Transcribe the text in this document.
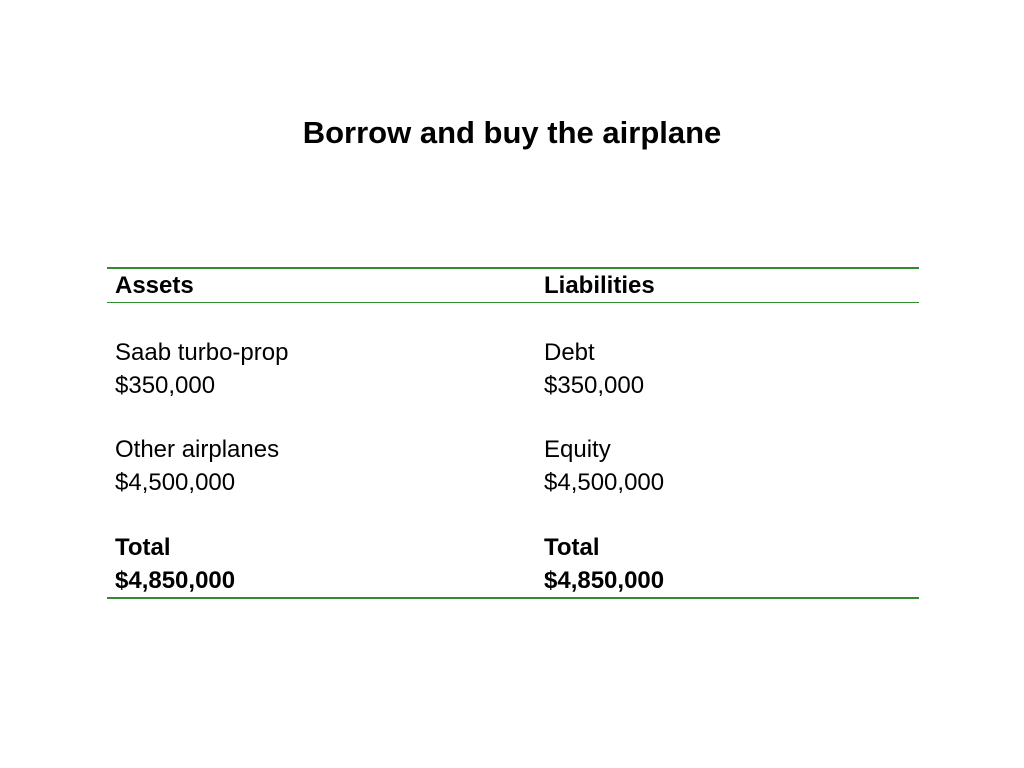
Borrow and buy the airplane
Assets	Liabilities
Saab turbo-prop
$350,000
Other airplanes
$4,500,000
Total
$4,850,000
Debt
$350,000
Equity
$4,500,000
Total
$4,850,000
